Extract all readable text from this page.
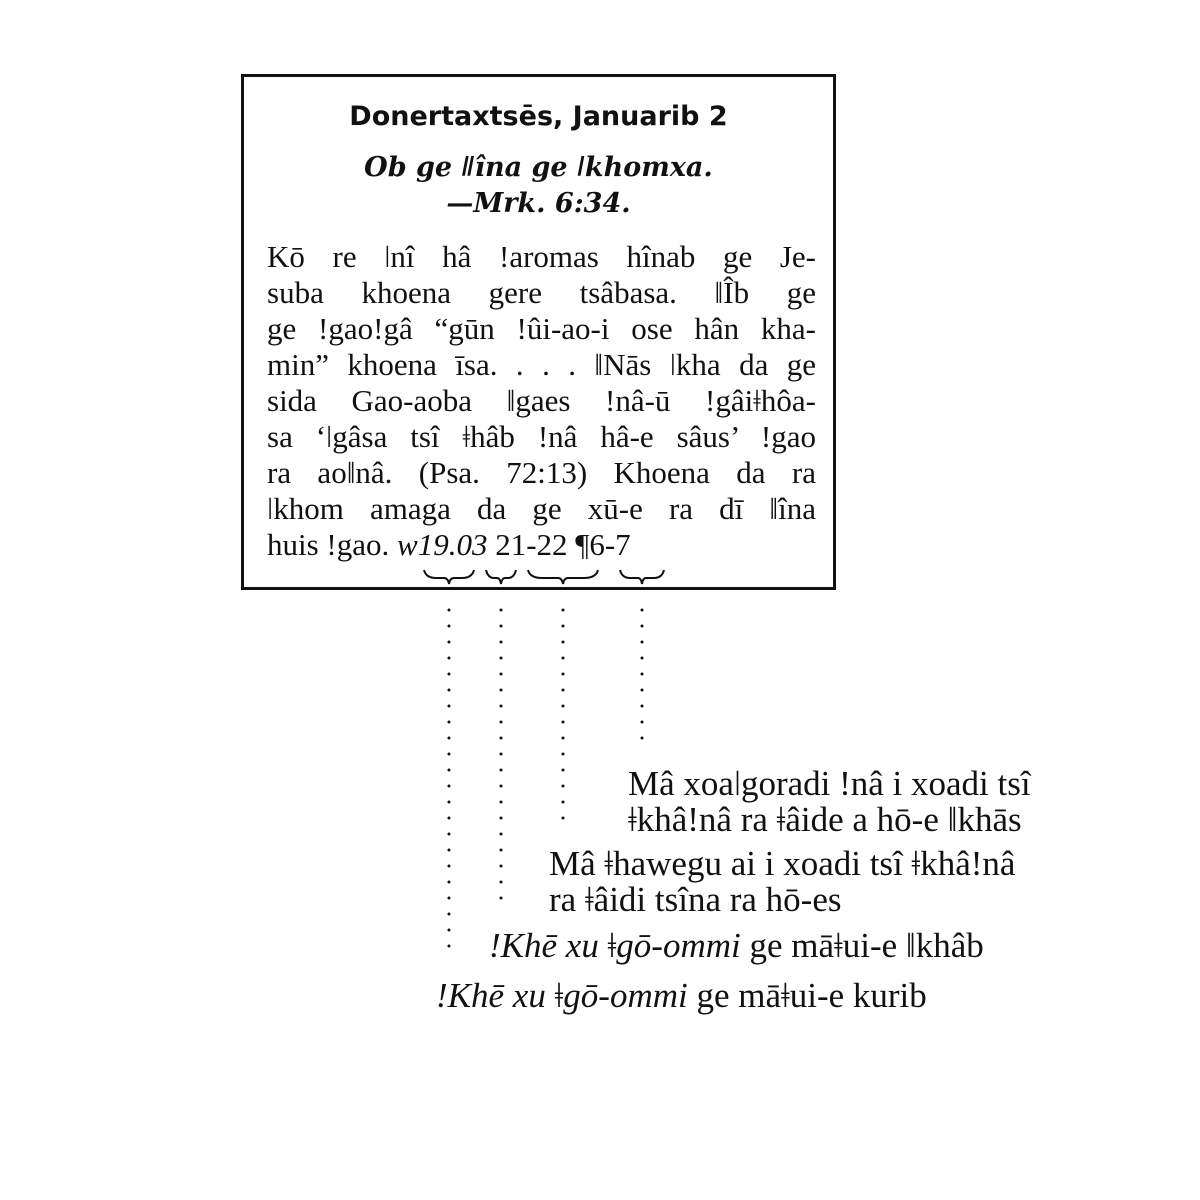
Donertaxtsēs, Januarib 2
Ob ge ǁîna ge ǀkhomxa.
—Mrk. 6:34.
Kō re ǀnî hâ ǃaromas hînab ge Je-
suba khoena gere tsâbasa. ǁÎb ge
ge ǃgaoǃgâ “gūn ǃûi-ao-i ose hân kha-
min” khoena īsa. . . . ǁNās ǀkha da ge
sida Gao-aoba ǁgaes ǃnâ-ū ǃgâiǂhôa-
sa ‘ǀgâsa tsî ǂhâb ǃnâ hâ-e sâus’ ǃgao
ra aoǁnâ. (Psa. 72:13) Khoena da ra
ǀkhom amaga da ge xū-e ra dī ǁîna
huis ǃgao. w19.03 21-22 ¶6-7
Mâ xoaǀgoradi ǃnâ i xoadi tsî
ǂkhâǃnâ ra ǂâide a hō-e ǁkhās
Mâ ǂhawegu ai i xoadi tsî ǂkhâǃnâ
ra ǂâidi tsîna ra hō-es
ǃKhē xu ǂgō-ommi ge māǂui-e ǁkhâb
ǃKhē xu ǂgō-ommi ge māǂui-e kurib
